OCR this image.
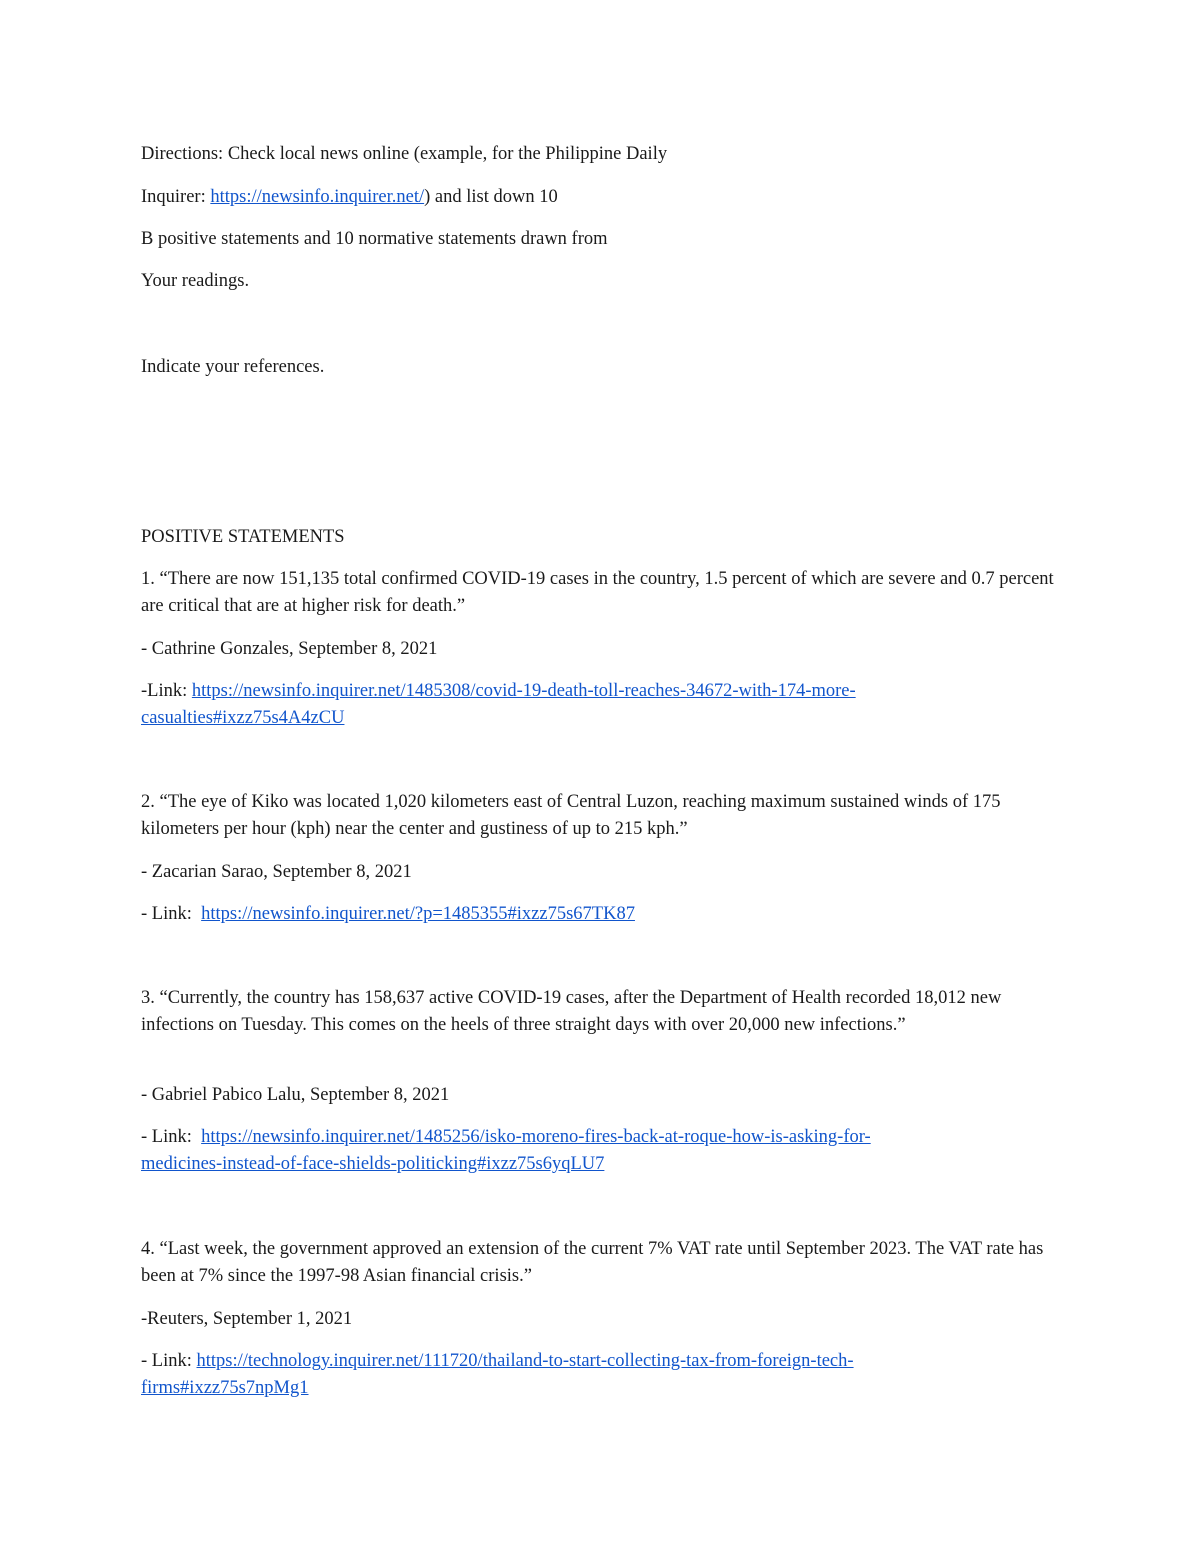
Directions: Check local news online (example, for the Philippine Daily
Inquirer: https://newsinfo.inquirer.net/) and list down 10
B positive statements and 10 normative statements drawn from
Your readings.
Indicate your references.
POSITIVE STATEMENTS
1. “There are now 151,135 total confirmed COVID-19 cases in the country, 1.5 percent of which are severe and 0.7 percent are critical that are at higher risk for death.”
- Cathrine Gonzales, September 8, 2021
-Link: https://newsinfo.inquirer.net/1485308/covid-19-death-toll-reaches-34672-with-174-more-
casualties#ixzz75s4A4zCU
2. “The eye of Kiko was located 1,020 kilometers east of Central Luzon, reaching maximum sustained winds of 175 kilometers per hour (kph) near the center and gustiness of up to 215 kph.”
- Zacarian Sarao, September 8, 2021
- Link:  https://newsinfo.inquirer.net/?p=1485355#ixzz75s67TK87
3. “Currently, the country has 158,637 active COVID-19 cases, after the Department of Health recorded 18,012 new infections on Tuesday. This comes on the heels of three straight days with over 20,000 new infections.”
- Gabriel Pabico Lalu, September 8, 2021
- Link:  https://newsinfo.inquirer.net/1485256/isko-moreno-fires-back-at-roque-how-is-asking-for-
medicines-instead-of-face-shields-politicking#ixzz75s6yqLU7
4. “Last week, the government approved an extension of the current 7% VAT rate until September 2023. The VAT rate has been at 7% since the 1997-98 Asian financial crisis.”
-Reuters, September 1, 2021
- Link: https://technology.inquirer.net/111720/thailand-to-start-collecting-tax-from-foreign-tech-
firms#ixzz75s7npMg1
